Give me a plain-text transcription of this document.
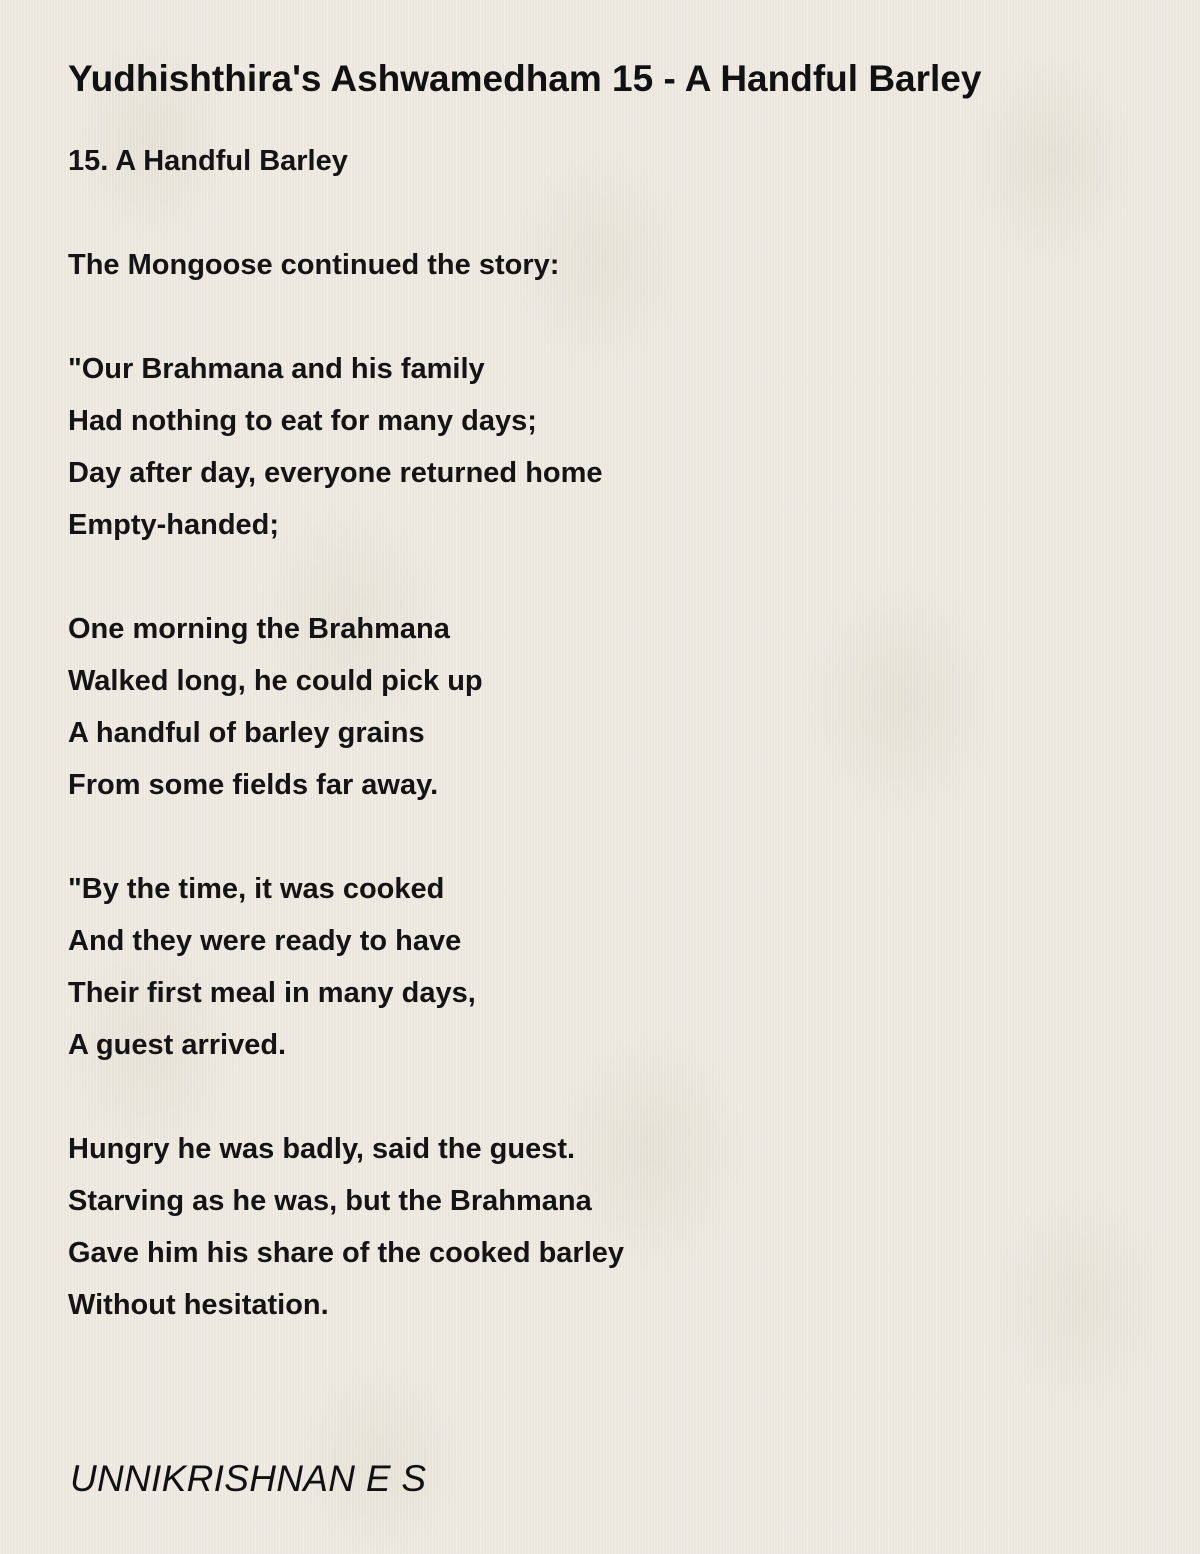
Yudhishthira's Ashwamedham 15 - A Handful Barley

15. A Handful Barley

The Mongoose continued the story:

"Our Brahmana and his family
Had nothing to eat for many days;
Day after day, everyone returned home
Empty-handed;

One morning the Brahmana
Walked long, he could pick up
A handful of barley grains
From some fields far away.

"By the time, it was cooked
And they were ready to have
Their first meal in many days,
A guest arrived.

Hungry he was badly, said the guest.
Starving as he was, but the Brahmana
Gave him his share of the cooked barley
Without hesitation.

UNNIKRISHNAN E S
